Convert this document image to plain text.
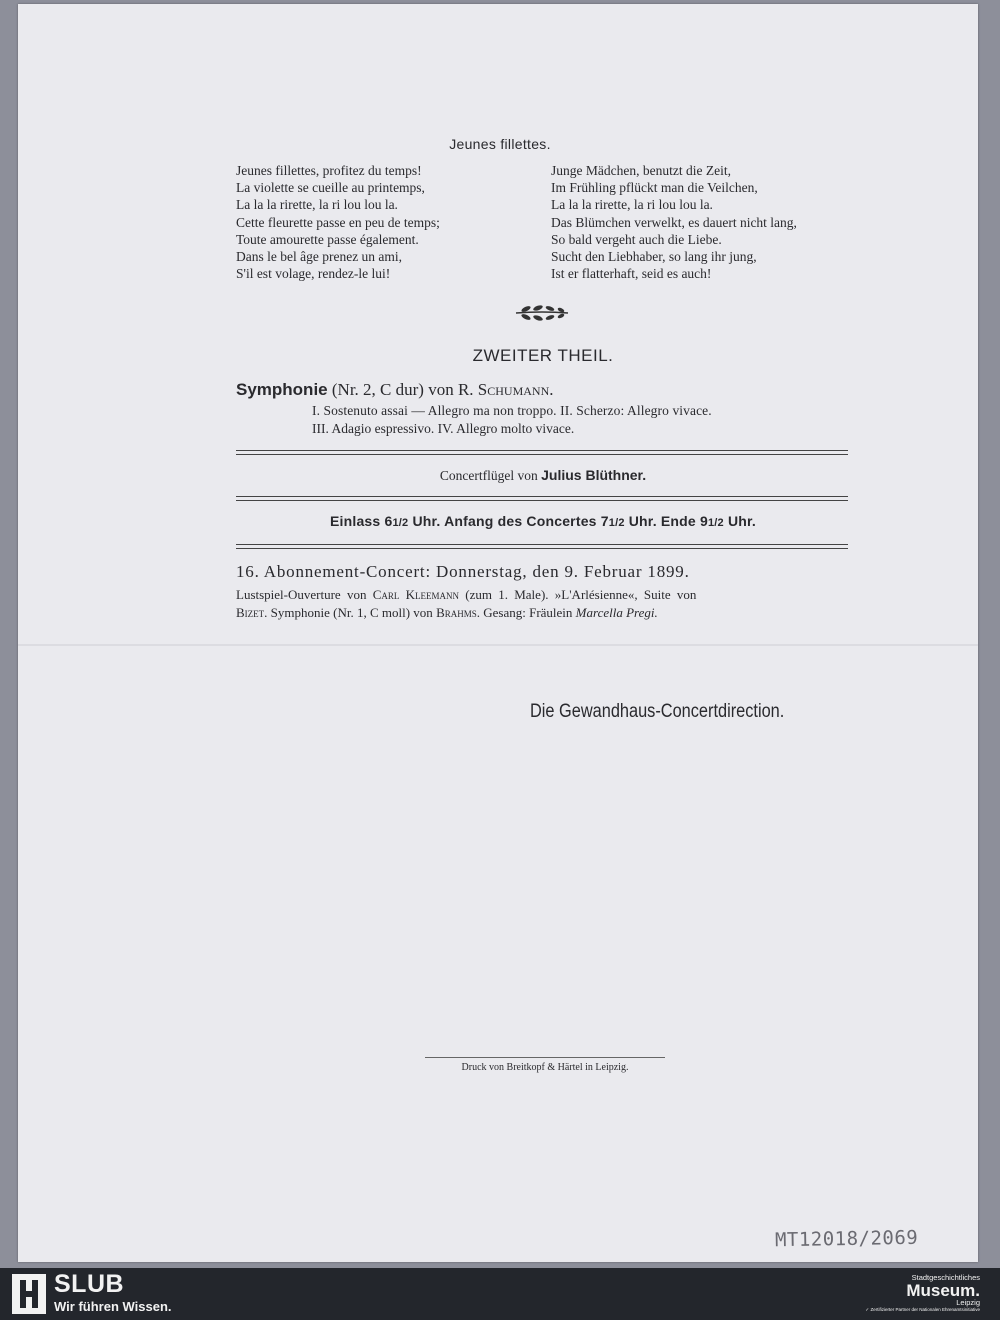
Jeunes fillettes.
Jeunes fillettes, profitez du temps!
La violette se cueille au printemps,
La la la rirette, la ri lou lou la.
Cette fleurette passe en peu de temps;
Toute amourette passe également.
Dans le bel âge prenez un ami,
S'il est volage, rendez-le lui!
Junge Mädchen, benutzt die Zeit,
Im Frühling pflückt man die Veilchen,
La la la rirette, la ri lou lou la.
Das Blümchen verwelkt, es dauert nicht lang,
So bald vergeht auch die Liebe.
Sucht den Liebhaber, so lang ihr jung,
Ist er flatterhaft, seid es auch!
ZWEITER THEIL.
Symphonie (Nr. 2, C dur) von R. Schumann.
I. Sostenuto assai — Allegro ma non troppo. II. Scherzo: Allegro vivace.
III. Adagio espressivo. IV. Allegro molto vivace.
Concertflügel von Julius Blüthner.
Einlass 61/2 Uhr. Anfang des Concertes 71/2 Uhr. Ende 91/2 Uhr.
16. Abonnement-Concert: Donnerstag, den 9. Februar 1899.
Lustspiel-Ouverture von Carl Kleemann (zum 1. Male). »L'Arlésienne«, Suite von
Bizet. Symphonie (Nr. 1, C moll) von Brahms. Gesang: Fräulein Marcella Pregi.
Die Gewandhaus-Concertdirection.
Druck von Breitkopf & Härtel in Leipzig.
MT12018/2069
SLUB
Wir führen Wissen.
Stadtgeschichtliches
Museum.
Leipzig
✓ Zertifizierter Partner der Nationalen Ehrenamtsinitiative
